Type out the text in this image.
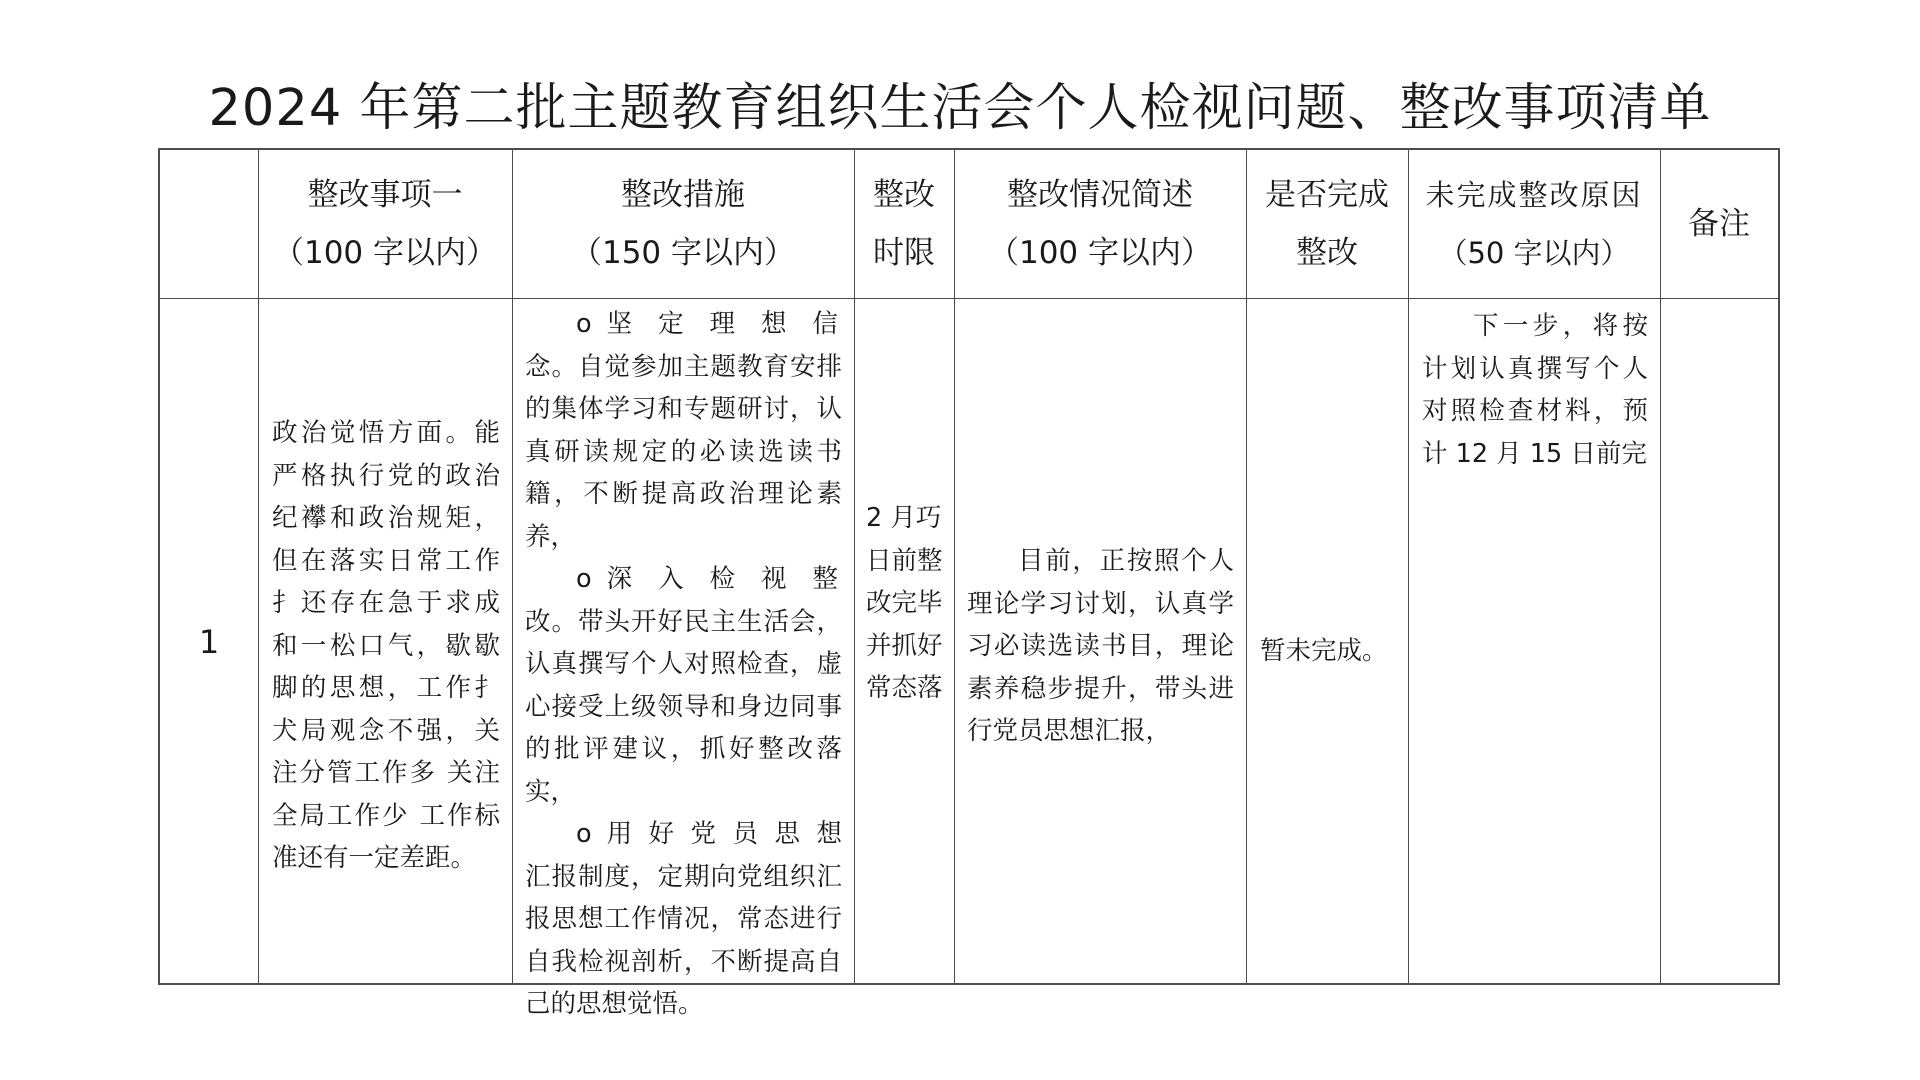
2024 年第二批主题教育组织生活会个人检视问题、整改事项清单
整改事项一
（100 字以内）
整改措施
（150 字以内）
整改
时限
整改情况简述
（100 字以内）
是否完成
整改
未完成整改原因
（50 字以内）
备注
1
政治觉悟方面。能严格执行党的政治纪襻和政治规矩，但在落实日常工作扌还存在急于求成和一松口气，歇歇脚的思想，工作扌犬局观念不强，关注分管工作多 关注全局工作少 工作标准还有一定差距。
o 坚定理想信
念。自觉参加主题教育安排的集体学习和专题研讨，认真研读规定的必读选读书籍，不断提高政治理论素养，
o 深入检视整
改。带头开好民主生活会，认真撰写个人对照检查，虚心接受上级领导和身边同事的批评建议，抓好整改落实，
o 用好党员思想
汇报制度，定期向党组织汇报思想工作情况，常态进行自我检视剖析，不断提高自己的思想觉悟。
2 月巧日前整改完毕并抓好常态落
目前，正按照个人理论学习讨划，认真学习必读选读书目，理论素养稳步提升，带头进行党员思想汇报，
暂未完成。
下一步，将按计划认真撰写个人对照检查材料，预计 12 月 15 日前完
